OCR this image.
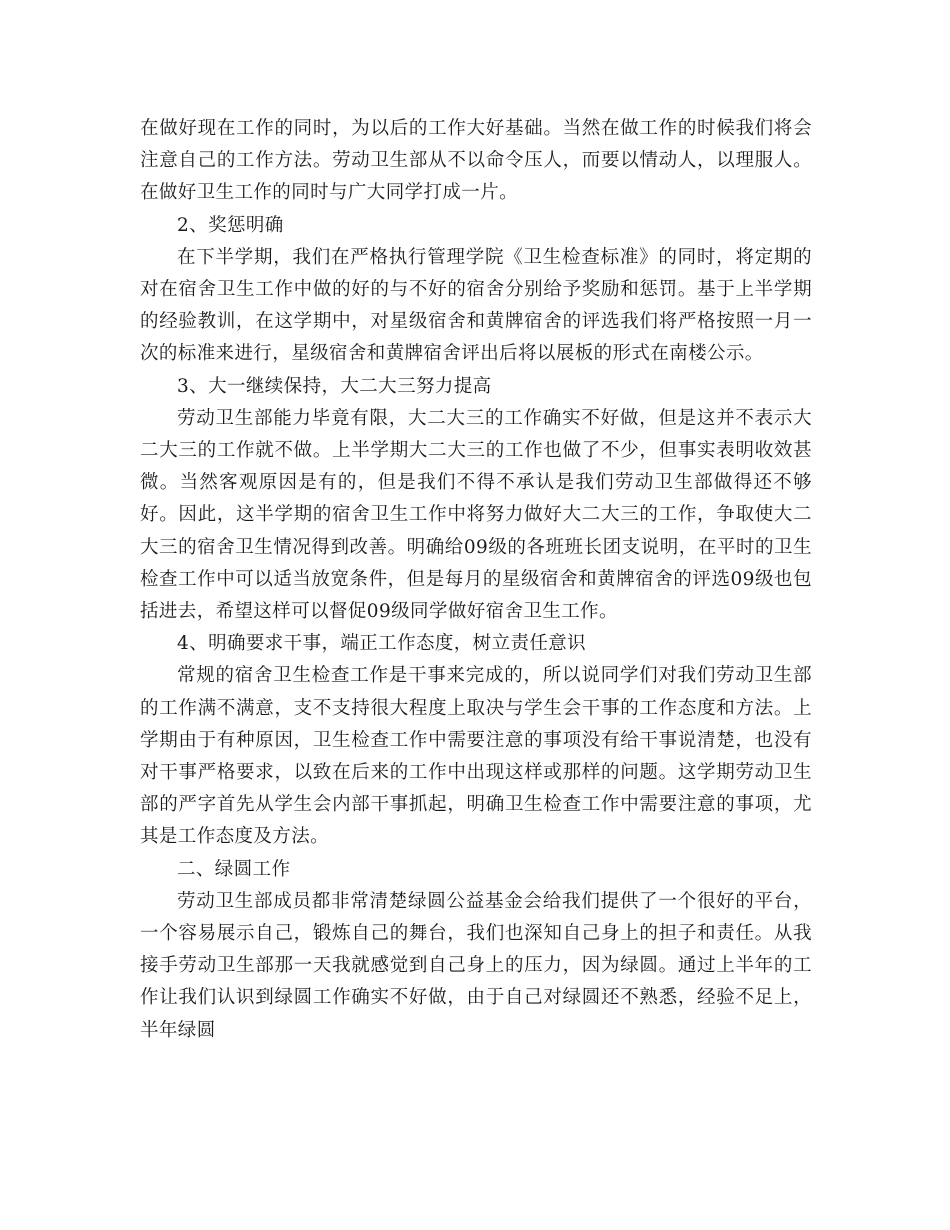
在做好现在工作的同时，为以后的工作大好基础。当然在做工作的时候我们将会注意自己的工作方法。劳动卫生部从不以命令压人，而要以情动人，以理服人。在做好卫生工作的同时与广大同学打成一片。

2、奖惩明确

在下半学期，我们在严格执行管理学院《卫生检查标准》的同时，将定期的对在宿舍卫生工作中做的好的与不好的宿舍分别给予奖励和惩罚。基于上半学期的经验教训，在这学期中，对星级宿舍和黄牌宿舍的评选我们将严格按照一月一次的标准来进行，星级宿舍和黄牌宿舍评出后将以展板的形式在南楼公示。

3、大一继续保持，大二大三努力提高

劳动卫生部能力毕竟有限，大二大三的工作确实不好做，但是这并不表示大二大三的工作就不做。上半学期大二大三的工作也做了不少，但事实表明收效甚微。当然客观原因是有的，但是我们不得不承认是我们劳动卫生部做得还不够好。因此，这半学期的宿舍卫生工作中将努力做好大二大三的工作，争取使大二大三的宿舍卫生情况得到改善。明确给09级的各班班长团支说明，在平时的卫生检查工作中可以适当放宽条件，但是每月的星级宿舍和黄牌宿舍的评选09级也包括进去，希望这样可以督促09级同学做好宿舍卫生工作。

4、明确要求干事，端正工作态度，树立责任意识

常规的宿舍卫生检查工作是干事来完成的，所以说同学们对我们劳动卫生部的工作满不满意，支不支持很大程度上取决与学生会干事的工作态度和方法。上学期由于有种原因，卫生检查工作中需要注意的事项没有给干事说清楚，也没有对干事严格要求，以致在后来的工作中出现这样或那样的问题。这学期劳动卫生部的严字首先从学生会内部干事抓起，明确卫生检查工作中需要注意的事项，尤其是工作态度及方法。

二、绿圆工作

劳动卫生部成员都非常清楚绿圆公益基金会给我们提供了一个很好的平台，一个容易展示自己，锻炼自己的舞台，我们也深知自己身上的担子和责任。从我接手劳动卫生部那一天我就感觉到自己身上的压力，因为绿圆。通过上半年的工作让我们认识到绿圆工作确实不好做，由于自己对绿圆还不熟悉，经验不足上，半年绿圆
